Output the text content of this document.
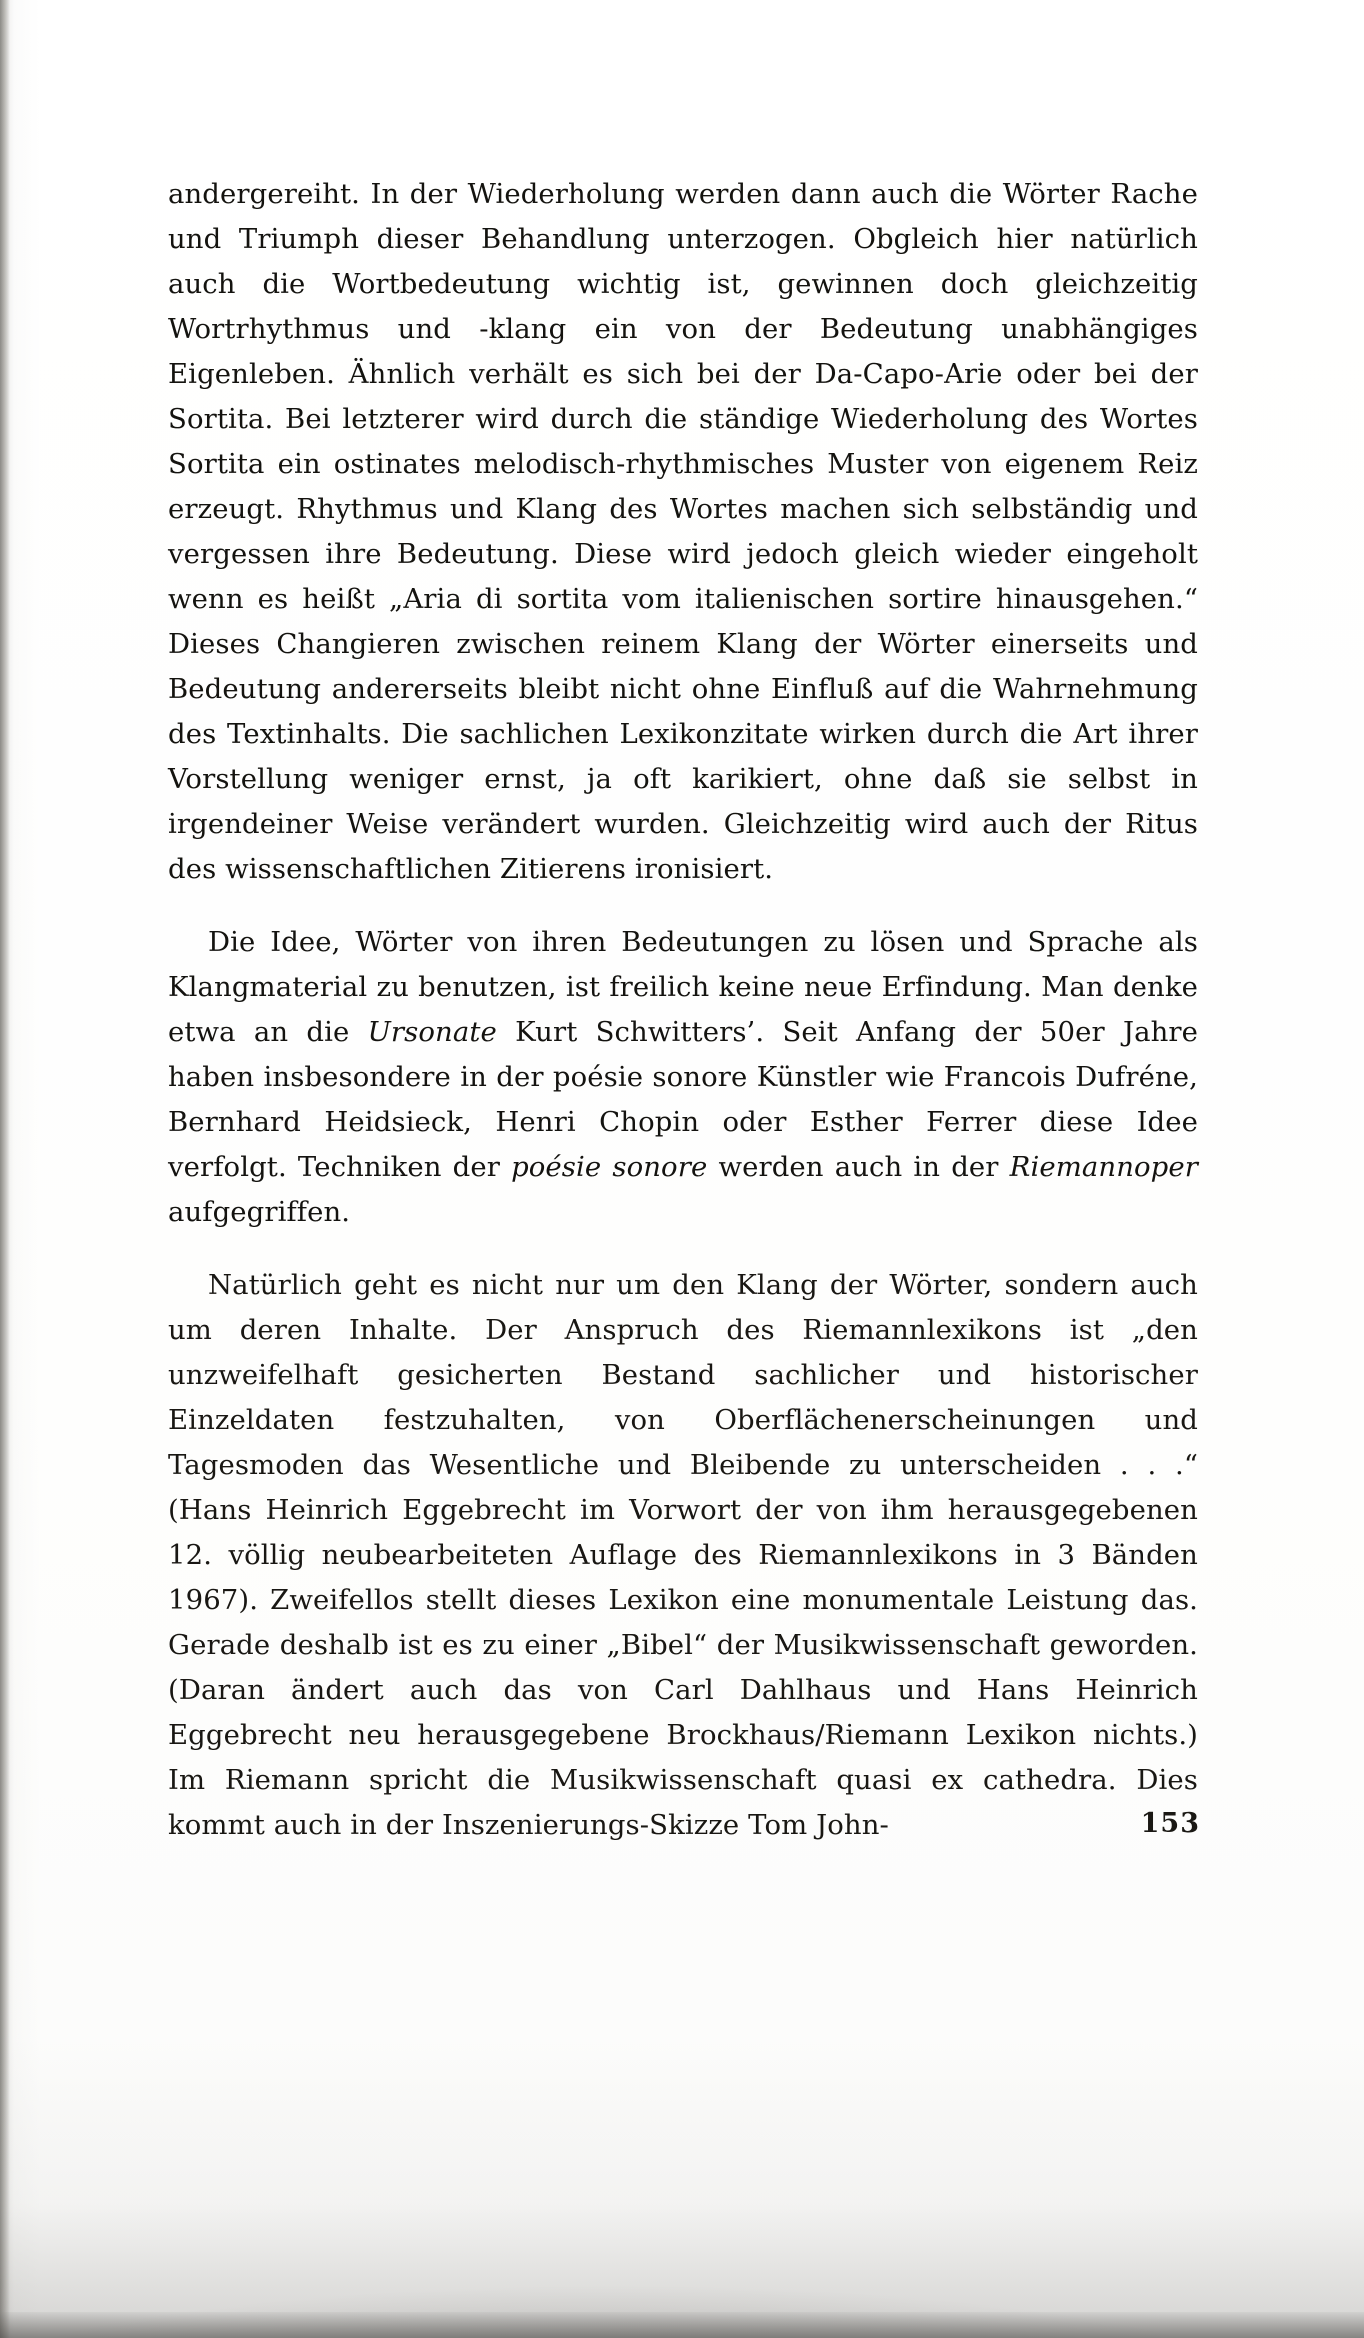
andergereiht. In der Wiederholung werden dann auch die Wörter Rache und Triumph dieser Behandlung unterzogen. Obgleich hier natürlich auch die Wortbedeutung wichtig ist, gewinnen doch gleichzeitig Wortrhythmus und -klang ein von der Bedeutung unabhängiges Eigenleben. Ähnlich verhält es sich bei der Da-Capo-Arie oder bei der Sortita. Bei letzterer wird durch die ständige Wiederholung des Wortes Sortita ein ostinates melodisch-rhythmisches Muster von eigenem Reiz erzeugt. Rhythmus und Klang des Wortes machen sich selbständig und vergessen ihre Bedeutung. Diese wird jedoch gleich wieder eingeholt wenn es heißt „Aria di sortita vom italienischen sortire hinausgehen.“ Dieses Changieren zwischen reinem Klang der Wörter einerseits und Bedeutung andererseits bleibt nicht ohne Einfluß auf die Wahrnehmung des Textinhalts. Die sachlichen Lexikonzitate wirken durch die Art ihrer Vorstellung weniger ernst, ja oft karikiert, ohne daß sie selbst in irgendeiner Weise verändert wurden. Gleichzeitig wird auch der Ritus des wissenschaftlichen Zitierens ironisiert.

Die Idee, Wörter von ihren Bedeutungen zu lösen und Sprache als Klangmaterial zu benutzen, ist freilich keine neue Erfindung. Man denke etwa an die Ursonate Kurt Schwitters’. Seit Anfang der 50er Jahre haben insbesondere in der poésie sonore Künstler wie Francois Dufréne, Bernhard Heidsieck, Henri Chopin oder Esther Ferrer diese Idee verfolgt. Techniken der poésie sonore werden auch in der Riemannoper aufgegriffen.

Natürlich geht es nicht nur um den Klang der Wörter, sondern auch um deren Inhalte. Der Anspruch des Riemannlexikons ist „den unzweifelhaft gesicherten Bestand sachlicher und historischer Einzeldaten festzuhalten, von Oberflächenerscheinungen und Tagesmoden das Wesentliche und Bleibende zu unterscheiden . . .“ (Hans Heinrich Eggebrecht im Vorwort der von ihm herausgegebenen 12. völlig neubearbeiteten Auflage des Riemannlexikons in 3 Bänden 1967). Zweifellos stellt dieses Lexikon eine monumentale Leistung das. Gerade deshalb ist es zu einer „Bibel“ der Musikwissenschaft geworden. (Daran ändert auch das von Carl Dahlhaus und Hans Heinrich Eggebrecht neu herausgegebene Brockhaus/Riemann Lexikon nichts.) Im Riemann spricht die Musikwissenschaft quasi ex cathedra. Dies kommt auch in der Inszenierungs-Skizze Tom John-	153
